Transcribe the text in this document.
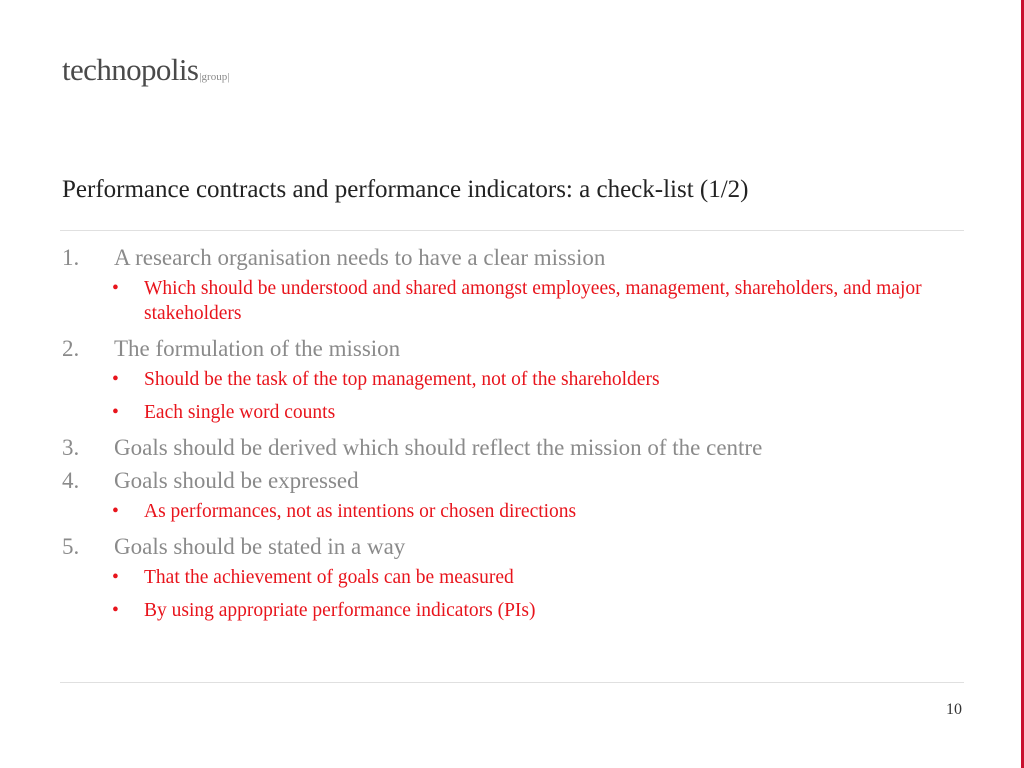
technopolis|group|
Performance contracts and performance indicators: a check-list (1/2)
1. A research organisation needs to have a clear mission
• Which should be understood and shared amongst employees, management, shareholders, and major stakeholders
2. The formulation of the mission
• Should be the task of the top management, not of the shareholders
• Each single word counts
3. Goals should be derived which should reflect the mission of the centre
4. Goals should be expressed
• As performances, not as intentions or chosen directions
5. Goals should be stated in a way
• That the achievement of goals can be measured
• By using appropriate performance indicators (PIs)
10
